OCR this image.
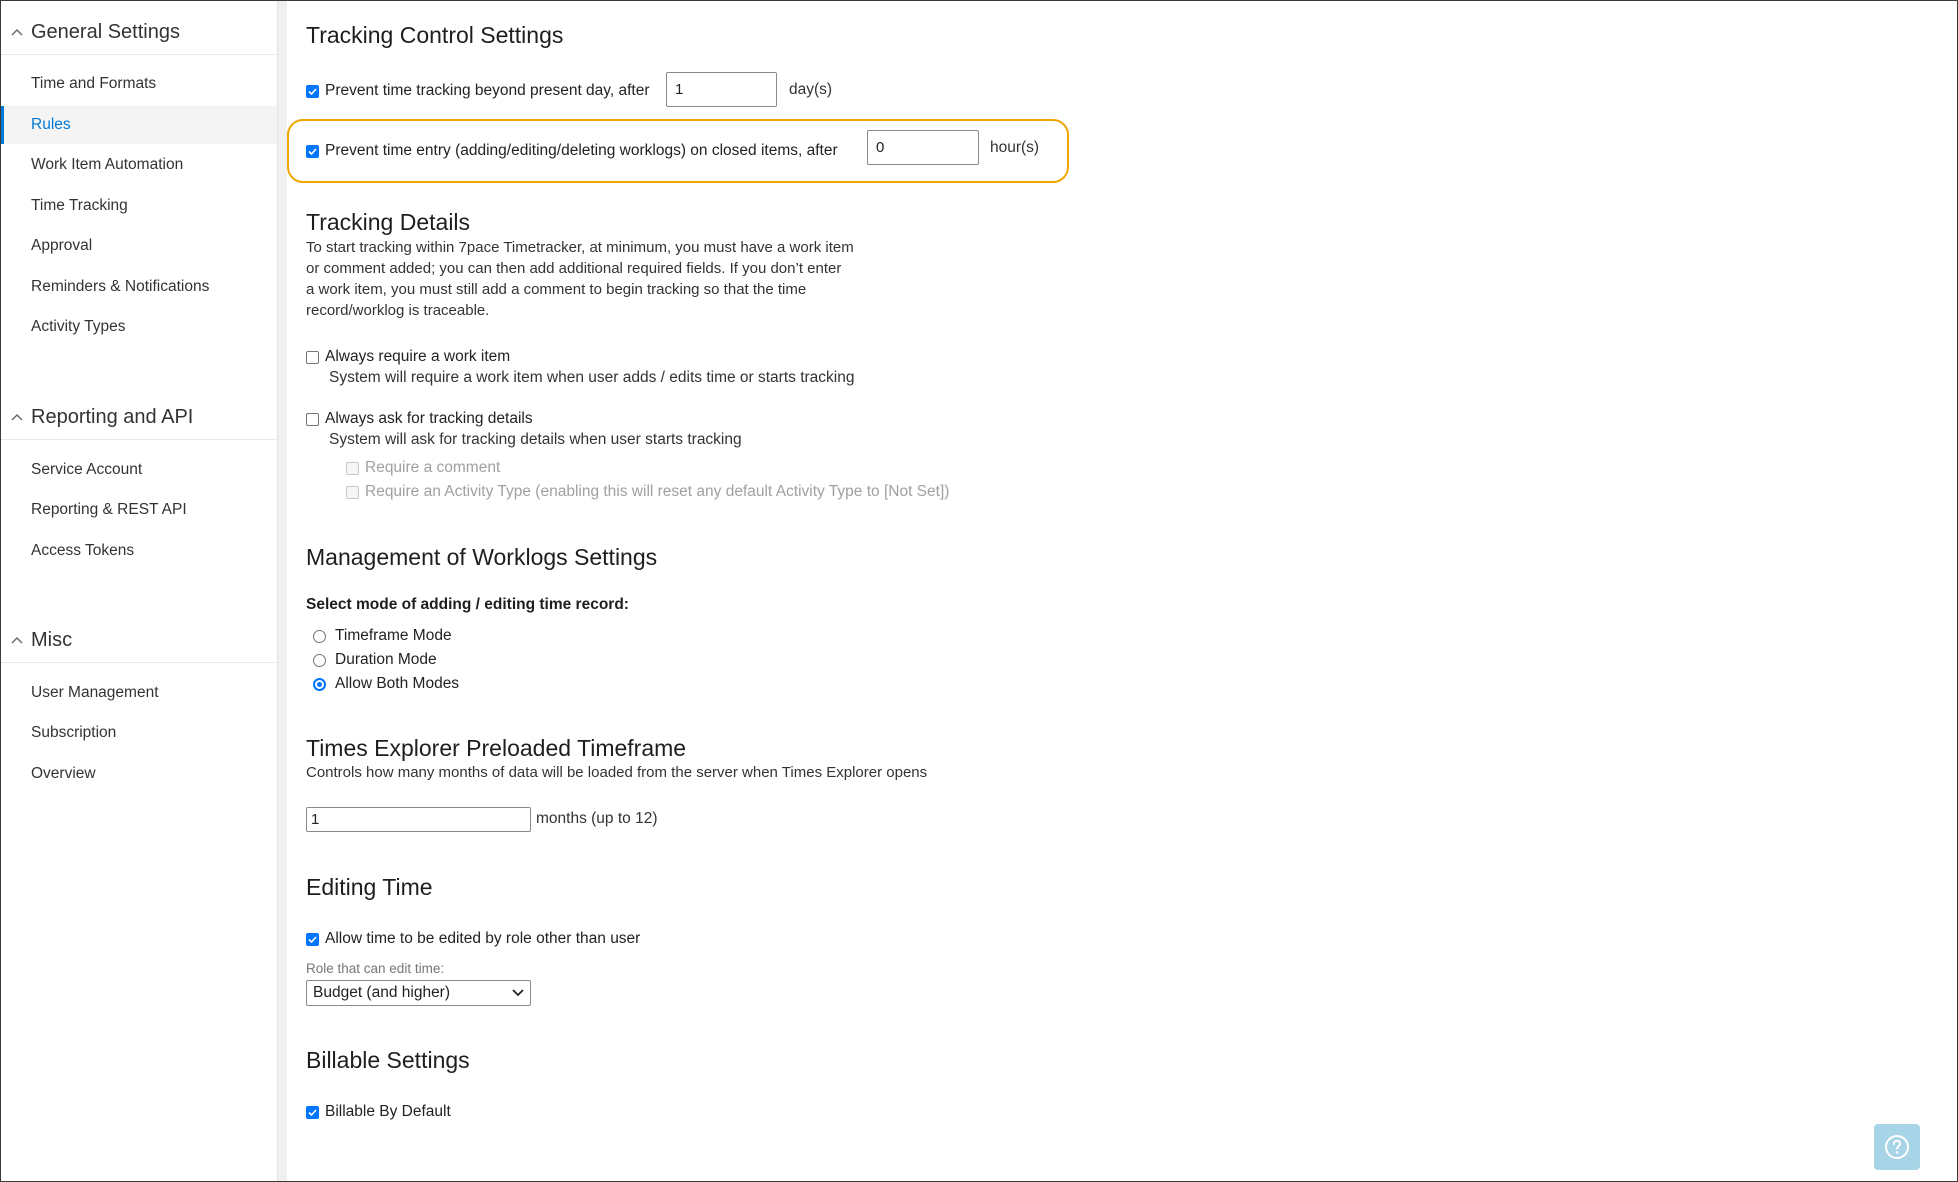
General Settings
Time and Formats
Rules
Work Item Automation
Time Tracking
Approval
Reminders & Notifications
Activity Types
Reporting and API
Service Account
Reporting & REST API
Access Tokens
Misc
User Management
Subscription
Overview
Tracking Control Settings
Prevent time tracking beyond present day, after	1	day(s)
Prevent time entry (adding/editing/deleting worklogs) on closed items, after	0	hour(s)
Tracking Details

To start tracking within 7pace Timetracker, at minimum, you must have a work item
or comment added; you can then add additional required fields. If you don’t enter
a work item, you must still add a comment to begin tracking so that the time
record/worklog is traceable.

Always require a work item
System will require a work item when user adds / edits time or starts tracking
Always ask for tracking details
System will ask for tracking details when user starts tracking
Require a comment
Require an Activity Type (enabling this will reset any default Activity Type to [Not Set])
Management of Worklogs Settings
Select mode of adding / editing time record:
Timeframe Mode
Duration Mode
Allow Both Modes
Times Explorer Preloaded Timeframe
Controls how many months of data will be loaded from the server when Times Explorer opens
1	months (up to 12)
Editing Time
Allow time to be edited by role other than user
Role that can edit time:
Budget (and higher)
Billable Settings
Billable By Default
